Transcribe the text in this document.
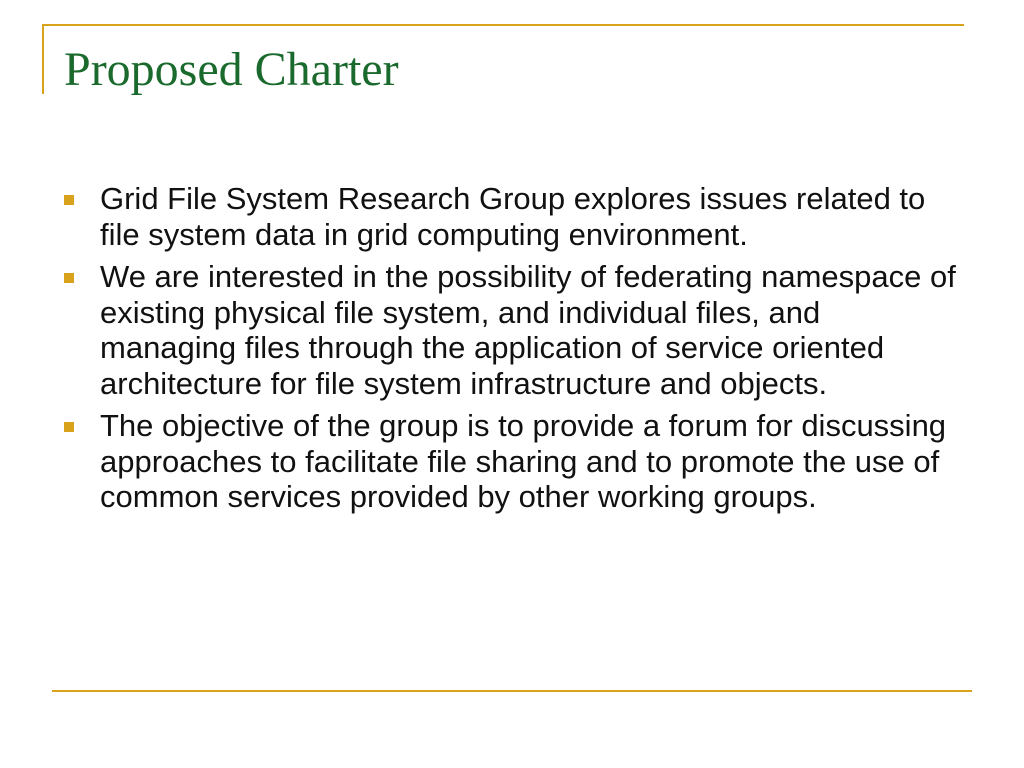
Proposed Charter
Grid File System Research Group explores issues related to file system data in grid computing environment.
We are interested in the possibility of federating namespace of existing physical file system, and individual files, and managing files through the application of service oriented architecture for file system infrastructure and objects.
The objective of the group is to provide a forum for discussing approaches to facilitate file sharing and to promote the use of common services provided by other working groups.
